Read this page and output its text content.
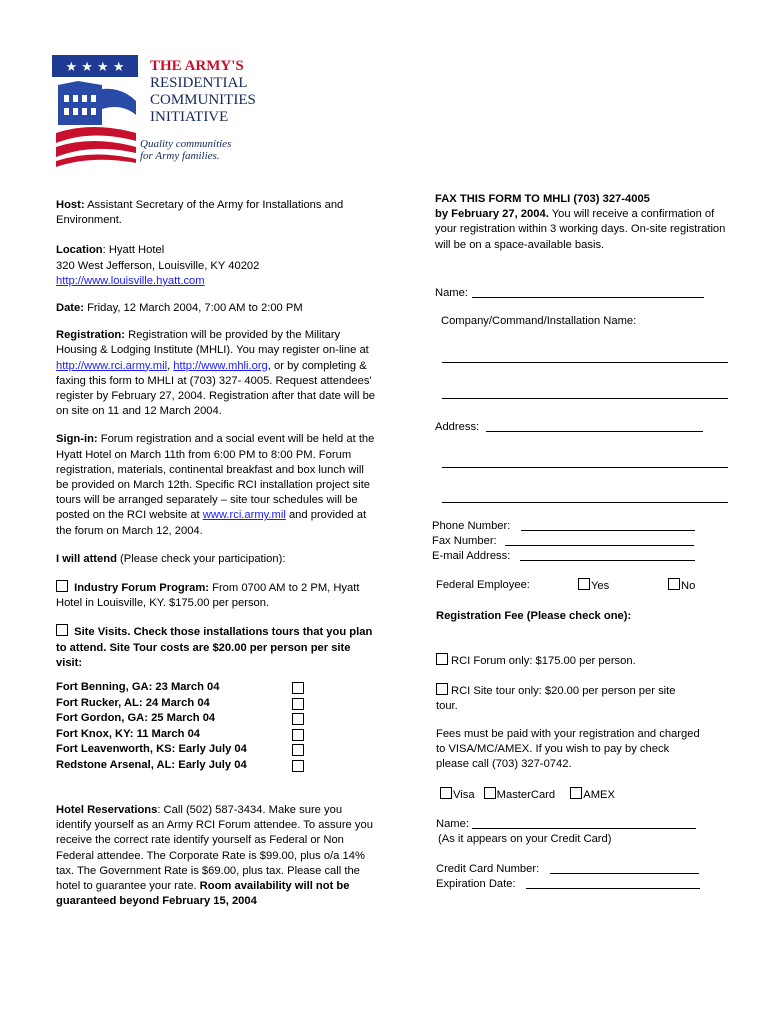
★ ★ ★ ★ THE ARMY'S
RESIDENTIAL
COMMUNITIES
INITIATIVE
Quality communities
for Army families.

Host: Assistant Secretary of the Army for Installations and Environment.

Location: Hyatt Hotel
320 West Jefferson, Louisville, KY 40202
http://www.louisville.hyatt.com

Date: Friday, 12 March 2004, 7:00 AM to 2:00 PM

Registration: Registration will be provided by the Military Housing & Lodging Institute (MHLI). You may register on-line at http://www.rci.army.mil, http://www.mhli.org, or by completing & faxing this form to MHLI at (703) 327- 4005. Request attendees' register by February 27, 2004. Registration after that date will be on site on 11 and 12 March 2004.

Sign-in: Forum registration and a social event will be held at the Hyatt Hotel on March 11th from 6:00 PM to 8:00 PM. Forum registration, materials, continental breakfast and box lunch will be provided on March 12th. Specific RCI installation project site tours will be arranged separately – site tour schedules will be posted on the RCI website at www.rci.army.mil and provided at the forum on March 12, 2004.

I will attend (Please check your participation):

Industry Forum Program: From 0700 AM to 2 PM, Hyatt Hotel in Louisville, KY. $175.00 per person.

Site Visits. Check those installations tours that you plan to attend. Site Tour costs are $20.00 per person per site visit:

Fort Benning, GA: 23 March 04
Fort Rucker, AL: 24 March 04
Fort Gordon, GA: 25 March 04
Fort Knox, KY: 11 March 04
Fort Leavenworth, KS: Early July 04
Redstone Arsenal, AL: Early July 04

Hotel Reservations: Call (502) 587-3434. Make sure you identify yourself as an Army RCI Forum attendee. To assure you receive the correct rate identify yourself as Federal or Non Federal attendee. The Corporate Rate is $99.00, plus o/a 14% tax. The Government Rate is $69.00, plus tax. Please call the hotel to guarantee your rate. Room availability will not be guaranteed beyond February 15, 2004

FAX THIS FORM TO MHLI (703) 327-4005
by February 27, 2004. You will receive a confirmation of your registration within 3 working days. On-site registration will be on a space-available basis.

Name:
Company/Command/Installation Name:
Address:
Phone Number:
Fax Number:
E-mail Address:
Federal Employee:	Yes	No
Registration Fee (Please check one):
RCI Forum only: $175.00 per person.
RCI Site tour only: $20.00 per person per site tour.
Fees must be paid with your registration and charged to VISA/MC/AMEX. If you wish to pay by check please call (703) 327-0742.
Visa MasterCard	AMEX
Name:
(As it appears on your Credit Card)
Credit Card Number:
Expiration Date:
